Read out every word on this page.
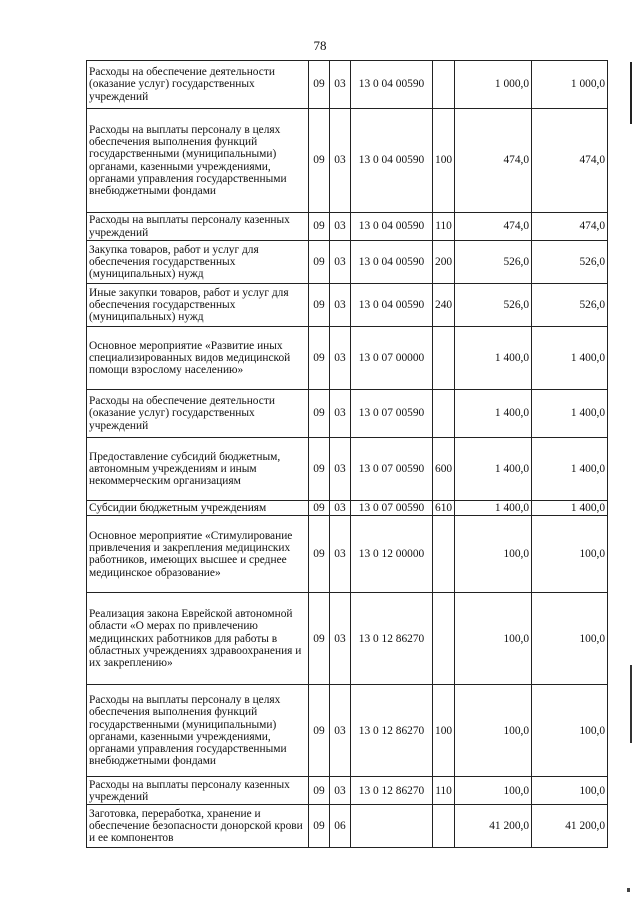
78
Расходы на обеспечение деятельности (оказание услуг) государственных учреждений	09	03	13 0 04 00590		1 000,0	1 000,0
Расходы на выплаты персоналу в целях обеспечения выполнения функций государственными (муниципальными) органами, казенными учреждениями, органами управления государственными внебюджетными фондами	09	03	13 0 04 00590	100	474,0	474,0
Расходы на выплаты персоналу казенных учреждений	09	03	13 0 04 00590	110	474,0	474,0
Закупка товаров, работ и услуг для обеспечения государственных (муниципальных) нужд	09	03	13 0 04 00590	200	526,0	526,0
Иные закупки товаров, работ и услуг для обеспечения государственных (муниципальных) нужд	09	03	13 0 04 00590	240	526,0	526,0
Основное мероприятие «Развитие иных специализированных видов медицинской помощи взрослому населению»	09	03	13 0 07 00000		1 400,0	1 400,0
Расходы на обеспечение деятельности (оказание услуг) государственных учреждений	09	03	13 0 07 00590		1 400,0	1 400,0
Предоставление субсидий бюджетным, автономным учреждениям и иным некоммерческим организациям	09	03	13 0 07 00590	600	1 400,0	1 400,0
Субсидии бюджетным учреждениям	09	03	13 0 07 00590	610	1 400,0	1 400,0
Основное мероприятие «Стимулирование привлечения и закрепления медицинских работников, имеющих высшее и среднее медицинское образование»	09	03	13 0 12 00000		100,0	100,0
Реализация закона Еврейской автономной области «О мерах по привлечению медицинских работников для работы в областных учреждениях здравоохранения и их закреплению»	09	03	13 0 12 86270		100,0	100,0
Расходы на выплаты персоналу в целях обеспечения выполнения функций государственными (муниципальными) органами, казенными учреждениями, органами управления государственными внебюджетными фондами	09	03	13 0 12 86270	100	100,0	100,0
Расходы на выплаты персоналу казенных учреждений	09	03	13 0 12 86270	110	100,0	100,0
Заготовка, переработка, хранение и обеспечение безопасности донорской крови и ее компонентов	09	06			41 200,0	41 200,0
